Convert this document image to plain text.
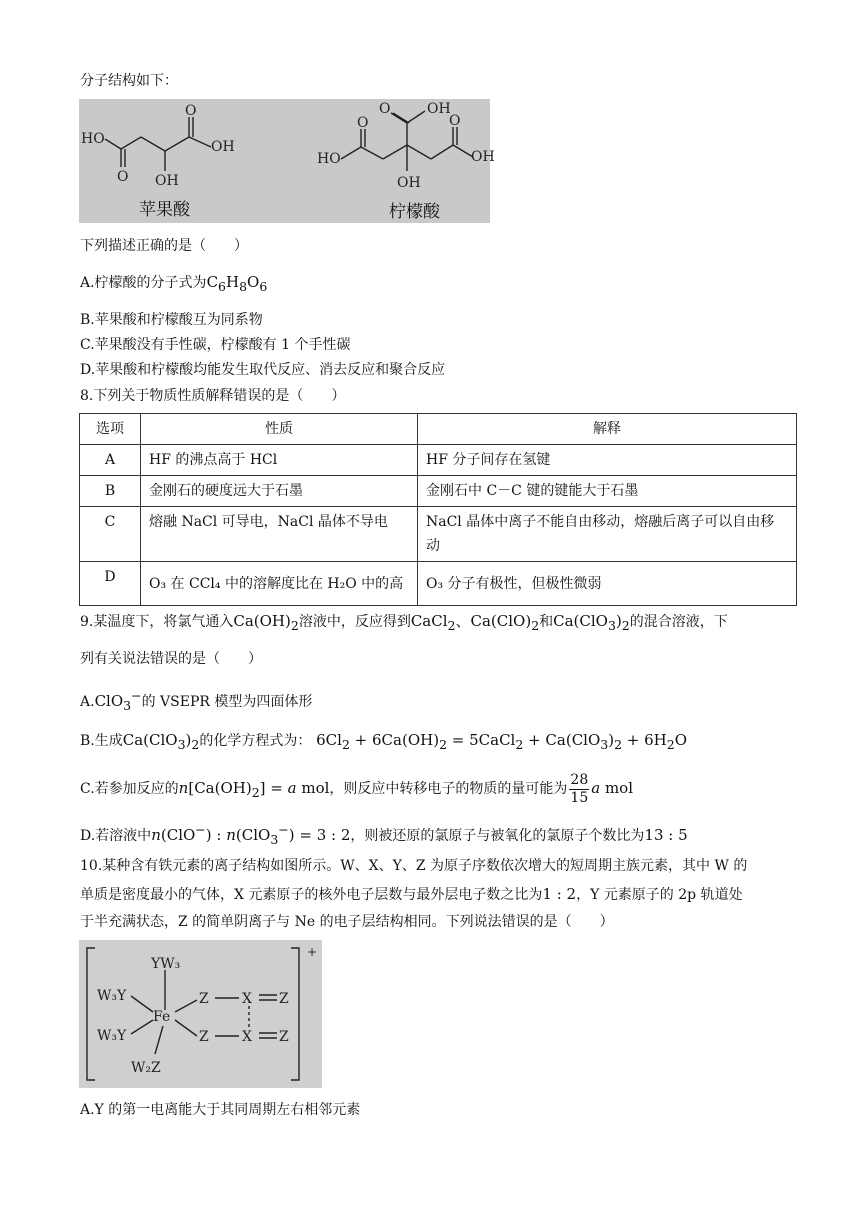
分子结构如下：
HO
O OH
O
OH
HO
O
O	OH
OH
O
OH
苹果酸	柠檬酸
下列描述正确的是（　　）
A.柠檬酸的分子式为$C_6H_8O_6$
B.苹果酸和柠檬酸互为同系物
C.苹果酸没有手性碳，柠檬酸有 1 个手性碳
D.苹果酸和柠檬酸均能发生取代反应、消去反应和聚合反应
8.下列关于物质性质解释错误的是（　　）
选项	性质	解释
A	HF 的沸点高于 HCl	HF 分子间存在氢键
B	金刚石的硬度远大于石墨	金刚石中 C－C 键的键能大于石墨
C	熔融 NaCl 可导电，NaCl 晶体不导电	NaCl 晶体中离子不能自由移动，熔融后离子可以自由移动
D	O₃ 在 CCl₄ 中的溶解度比在 H₂O 中的高	O₃ 分子有极性，但极性微弱
9.某温度下，将氯气通入$Ca(OH)_2$溶液中，反应得到CaCl$_2$、$Ca(ClO)_2$和$Ca(ClO_3)_2$的混合溶液，下
列有关说法错误的是（　　）
A.ClO$_3$−的 VSEPR 模型为四面体形
B.生成$Ca(ClO_3)_2$的化学方程式为： $6Cl_2 + 6Ca(OH)_2$ = 5CaCl$_2$ + $Ca(ClO_3)_2 + 6H_2O$
C.若参加反应的$n[Ca(OH)_2] = a$ mol，则反应中转移电子的物质的量可能为 $\frac{28}{15}$ a mol
D.若溶液中n(ClO−) : n(ClO$_3$−) = 3 : 2，则被还原的氯原子与被氧化的氯原子个数比为13 : 5
10.某种含有铁元素的离子结构如图所示。W、X、Y、Z 为原子序数依次增大的短周期主族元素，其中 W 的
单质是密度最小的气体，X 元素原子的核外电子层数与最外层电子数之比为1 : 2，Y 元素原子的 2p 轨道处
于半充满状态，Z 的简单阴离子与 Ne 的电子层结构相同。下列说法错误的是（　　）
+
YW₃
W₃Y
W₃Y
Fe
W₂Z
Z
Z
X
X
Z
Z
A.Y 的第一电离能大于其同周期左右相邻元素
